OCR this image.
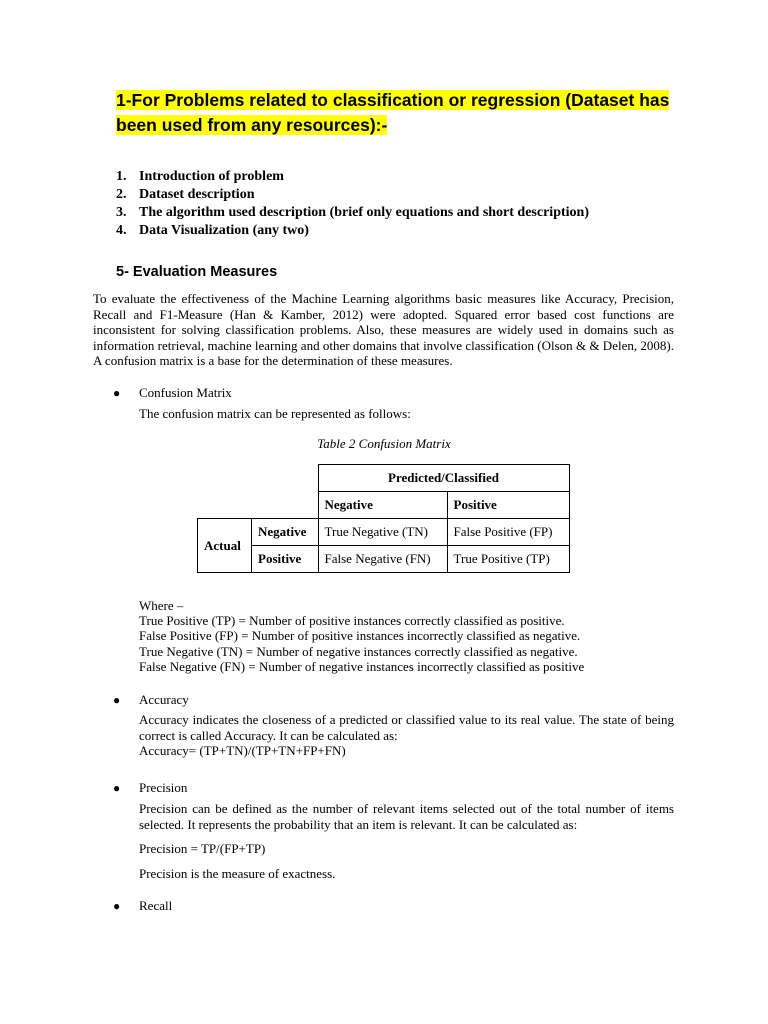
1-For Problems related to classification or regression (Dataset has been used from any resources):-
1. Introduction of problem
2. Dataset description
3. The algorithm used description (brief only equations and short description)
4. Data Visualization (any two)
5- Evaluation Measures

To evaluate the effectiveness of the Machine Learning algorithms basic measures like Accuracy, Precision, Recall and F1-Measure (Han & Kamber, 2012) were adopted. Squared error based cost functions are inconsistent for solving classification problems. Also, these measures are widely used in domains such as information retrieval, machine learning and other domains that involve classification (Olson & & Delen, 2008). A confusion matrix is a base for the determination of these measures.

● Confusion Matrix

The confusion matrix can be represented as follows:

Table 2 Confusion Matrix

		Predicted/Classified	
		Negative	Positive
Actual	Negative	True Negative (TN)	False Positive (FP)
	Positive	False Negative (FN)	True Positive (TP)
Where –
True Positive (TP) = Number of positive instances correctly classified as positive.
False Positive (FP) = Number of positive instances incorrectly classified as negative.
True Negative (TN) = Number of negative instances correctly classified as negative.
False Negative (FN) = Number of negative instances incorrectly classified as positive
● Accuracy

Accuracy indicates the closeness of a predicted or classified value to its real value. The state of being correct is called Accuracy. It can be calculated as:

Accuracy= (TP+TN)/(TP+TN+FP+FN)

● Precision

Precision can be defined as the number of relevant items selected out of the total number of items selected. It represents the probability that an item is relevant. It can be calculated as:

Precision = TP/(FP+TP)

Precision is the measure of exactness.

● Recall
